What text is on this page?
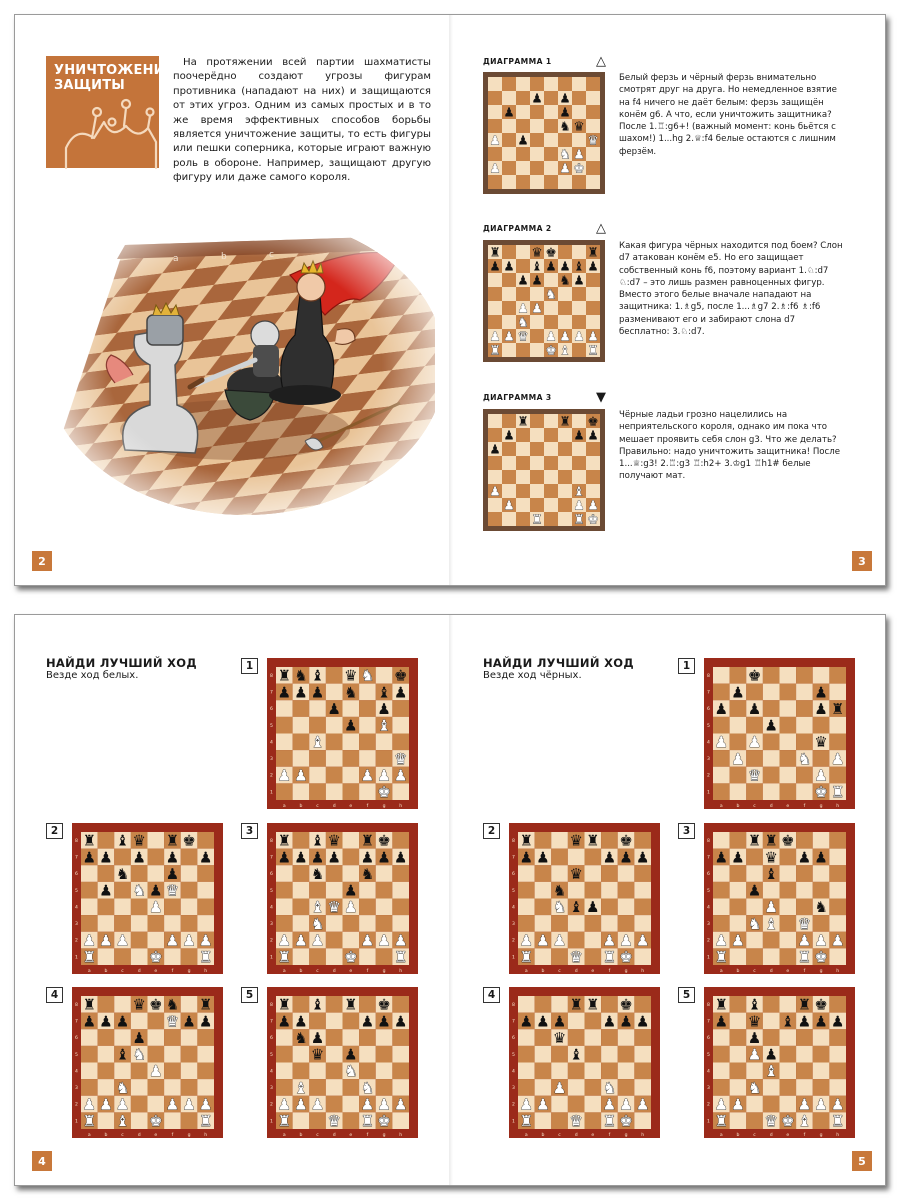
УНИЧТОЖЕНИЕ ЗАЩИТЫ

На протяжении всей партии шахматисты поочерёдно создают угрозы фигурам противника (нападают на них) и защищаются от этих угроз. Одним из самых простых и в то же время эффективных способов борьбы является уничтожение защиты, то есть фигуры или пешки соперника, которые играют важную роль в обороне. Например, защищают другую фигуру или даже самого короля.

2	3
ДИАГРАММА 1	△
♟ ♟
♟	♟
♞ ♛
♟ ♟	♛
♞ ♟
♟	♟ ♚

Белый ферзь и чёрный ферзь внимательно смотрят друг на друга. Но немедленное взятие на f4 ничего не даёт белым: ферзь защищён конём g6. А что, если уничтожить защитника? После 1.♖:g6+! (важный момент: конь бьётся с шахом!) 1...hg 2.♕:f4 белые остаются с лишним ферзём.

ДИАГРАММА 2	△
♜ ♛ ♚ ♜
♟ ♟ ♝ ♟ ♟ ♝ ♟
♟ ♟ ♞ ♟
♞
♟ ♟
♞
♟ ♟ ♛ ♟ ♟ ♟ ♟
♜	♚ ♝ ♜

Какая фигура чёрных находится под боем? Слон d7 атакован конём e5. Но его защищает собственный конь f6, поэтому вариант 1.♘:d7 ♘:d7 – это лишь размен равноценных фигур. Вместо этого белые вначале нападают на защитника: 1.♗g5, после 1...♗g7 2.♗:f6 ♗:f6 разменивают его и забирают слона d7 бесплатно: 3.♘:d7.

ДИАГРАММА 3	▼
♜ ♜ ♚
♟	♟ ♟
♟
♟	♝
♟	♟ ♟
♜ ♜ ♚

Чёрные ладьи грозно нацелились на неприятельского короля, однако им пока что мешает проявить себя слон g3. Что же делать? Правильно: надо уничтожить защитника! После 1...♕:g3! 2.♖:g3 ♖:h2+ 3.♔g1 ♖h1# белые получают мат.

НАЙДИ ЛУЧШИЙ ХОД
Везде ход белых.
НАЙДИ ЛУЧШИЙ ХОД
Везде ход чёрных.
1
a	b	c	d	e	f	g	h
8
7
6
5
4
3
2
1
♜ ♞ ♝ ♛ ♞ ♚
♟ ♟ ♟ ♞ ♝ ♟
♟ ♟
♟ ♝
♝
♛
♟ ♟	♟ ♟ ♟
♚
2
a	b	c	d	e	f	g	h
8
7
6
5
4
3
2
1
♜ ♝ ♛ ♜ ♚
♟ ♟ ♟ ♟ ♟
♞ ♟
♟ ♞ ♟ ♛
♟
♟ ♟ ♟ ♟ ♟ ♟
♜	♚ ♜
3
a	b	c	d	e	f	g	h
8
7
6
5
4
3
2
1
♜ ♝ ♛ ♜ ♚
♟ ♟ ♟ ♟ ♟ ♟ ♟
♞ ♞
♟
♝ ♛ ♟
♞
♟ ♟ ♟ ♟ ♟ ♟
♜	♚ ♜
4
a	b	c	d	e	f	g	h
8
7
6
5
4
3
2
1
♜ ♛ ♚ ♞ ♜
♟ ♟ ♟ ♛ ♟ ♟
♟
♝ ♞
♟
♞
♟ ♟ ♟ ♟ ♟ ♟
♜ ♝ ♚ ♜
5
a	b	c	d	e	f	g	h
8
7
6
5
4
3
2
1
♜ ♝ ♜ ♚
♟ ♟	♟ ♟ ♟
♞ ♟
♛ ♟
♞
♝	♞
♟ ♟ ♟ ♟ ♟ ♟
♜ ♛ ♜ ♚
1
a	b	c	d	e	f	g	h
8
7
6
5
4
3
2
1
♚
♟	♟
♟ ♟	♟ ♜
♟
♟ ♟	♛
♟	♞ ♟
♛	♟
♚ ♜
2
a	b	c	d	e	f	g	h
8
7
6
5
4
3
2
1
♜ ♛ ♜ ♚
♟ ♟	♟ ♟ ♟
♛
♞
♞ ♝ ♟
♟ ♟ ♟ ♟ ♟ ♟
♜ ♛ ♜ ♚
3
a	b	c	d	e	f	g	h
8
7
6
5
4
3
2
1
♜ ♜ ♚
♟ ♟ ♛ ♟ ♟
♝
♟
♟ ♞
♞ ♝ ♛
♟ ♟	♟ ♟ ♟
♜	♜ ♚
4
a	b	c	d	e	f	g	h
8
7
6
5
4
3
2
1
♜ ♜ ♚
♟ ♟ ♟ ♟ ♟ ♟
♛
♝
♟ ♞
♟ ♟	♟ ♟ ♟
♜ ♛ ♜ ♚
5
a	b	c	d	e	f	g	h
8
7
6
5
4
3
2
1
♜ ♝ ♜ ♚
♟ ♛ ♝ ♟ ♟ ♟
♟
♟ ♟
♝
♞
♟ ♟	♟ ♟ ♟
♜ ♛ ♚ ♝ ♜
4	5
